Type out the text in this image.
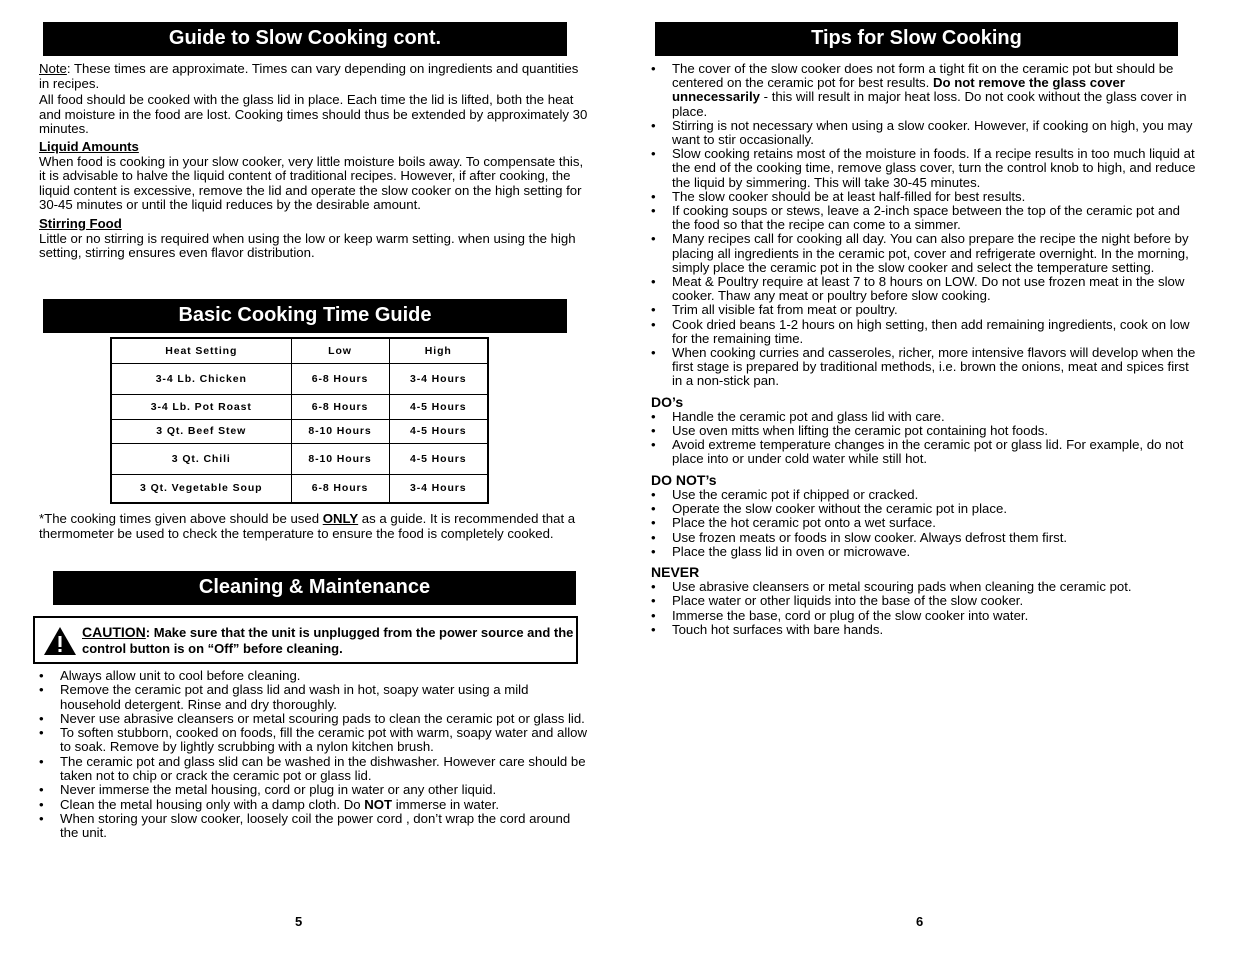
Guide to Slow Cooking cont.

Note: These times are approximate. Times can vary depending on ingredients and quantities in recipes.

All food should be cooked with the glass lid in place. Each time the lid is lifted, both the heat and moisture in the food are lost. Cooking times should thus be extended by approximately 30 minutes.

Liquid Amounts

When food is cooking in your slow cooker, very little moisture boils away. To compensate this, it is advisable to halve the liquid content of traditional recipes. However, if after cooking, the liquid content is excessive, remove the lid and operate the slow cooker on the high setting for 30-45 minutes or until the liquid reduces by the desirable amount.

Stirring Food

Little or no stirring is required when using the low or keep warm setting. when using the high setting, stirring ensures even flavor distribution.

Basic Cooking Time Guide
Heat Setting	Low	High
3-4 Lb. Chicken	6-8 Hours	3-4 Hours
3-4 Lb. Pot Roast	6-8 Hours	4-5 Hours
3 Qt. Beef Stew	8-10 Hours	4-5 Hours
3 Qt. Chili	8-10 Hours	4-5 Hours
3 Qt. Vegetable Soup	6-8 Hours	3-4 Hours
*The cooking times given above should be used ONLY as a guide. It is recommended that a thermometer be used to check the temperature to ensure the food is completely cooked.
Cleaning & Maintenance
CAUTION: Make sure that the unit is unplugged from the power source and the control button is on “Off” before cleaning.
• Always allow unit to cool before cleaning.
• Remove the ceramic pot and glass lid and wash in hot, soapy water using a mild household detergent. Rinse and dry thoroughly.
• Never use abrasive cleansers or metal scouring pads to clean the ceramic pot or glass lid.
• To soften stubborn, cooked on foods, fill the ceramic pot with warm, soapy water and allow to soak. Remove by lightly scrubbing with a nylon kitchen brush.
• The ceramic pot and glass slid can be washed in the dishwasher. However care should be taken not to chip or crack the ceramic pot or glass lid.
• Never immerse the metal housing, cord or plug in water or any other liquid.
• Clean the metal housing only with a damp cloth. Do NOT immerse in water.
• When storing your slow cooker, loosely coil the power cord , don’t wrap the cord around the unit.
5
Tips for Slow Cooking
• The cover of the slow cooker does not form a tight fit on the ceramic pot but should be centered on the ceramic pot for best results. Do not remove the glass cover unnecessarily - this will result in major heat loss. Do not cook without the glass cover in place.
• Stirring is not necessary when using a slow cooker. However, if cooking on high, you may want to stir occasionally.
• Slow cooking retains most of the moisture in foods. If a recipe results in too much liquid at the end of the cooking time, remove glass cover, turn the control knob to high, and reduce the liquid by simmering. This will take 30-45 minutes.
• The slow cooker should be at least half-filled for best results.
• If cooking soups or stews, leave a 2-inch space between the top of the ceramic pot and the food so that the recipe can come to a simmer.
• Many recipes call for cooking all day. You can also prepare the recipe the night before by placing all ingredients in the ceramic pot, cover and refrigerate overnight. In the morning, simply place the ceramic pot in the slow cooker and select the temperature setting.
• Meat & Poultry require at least 7 to 8 hours on LOW. Do not use frozen meat in the slow cooker. Thaw any meat or poultry before slow cooking.
• Trim all visible fat from meat or poultry.
• Cook dried beans 1-2 hours on high setting, then add remaining ingredients, cook on low for the remaining time.
• When cooking curries and casseroles, richer, more intensive flavors will develop when the first stage is prepared by traditional methods, i.e. brown the onions, meat and spices first in a non-stick pan.
DO’s
• Handle the ceramic pot and glass lid with care.
• Use oven mitts when lifting the ceramic pot containing hot foods.
• Avoid extreme temperature changes in the ceramic pot or glass lid. For example, do not place into or under cold water while still hot.
DO NOT’s
• Use the ceramic pot if chipped or cracked.
• Operate the slow cooker without the ceramic pot in place.
• Place the hot ceramic pot onto a wet surface.
• Use frozen meats or foods in slow cooker. Always defrost them first.
• Place the glass lid in oven or microwave.
NEVER
• Use abrasive cleansers or metal scouring pads when cleaning the ceramic pot.
• Place water or other liquids into the base of the slow cooker.
• Immerse the base, cord or plug of the slow cooker into water.
• Touch hot surfaces with bare hands.
6
